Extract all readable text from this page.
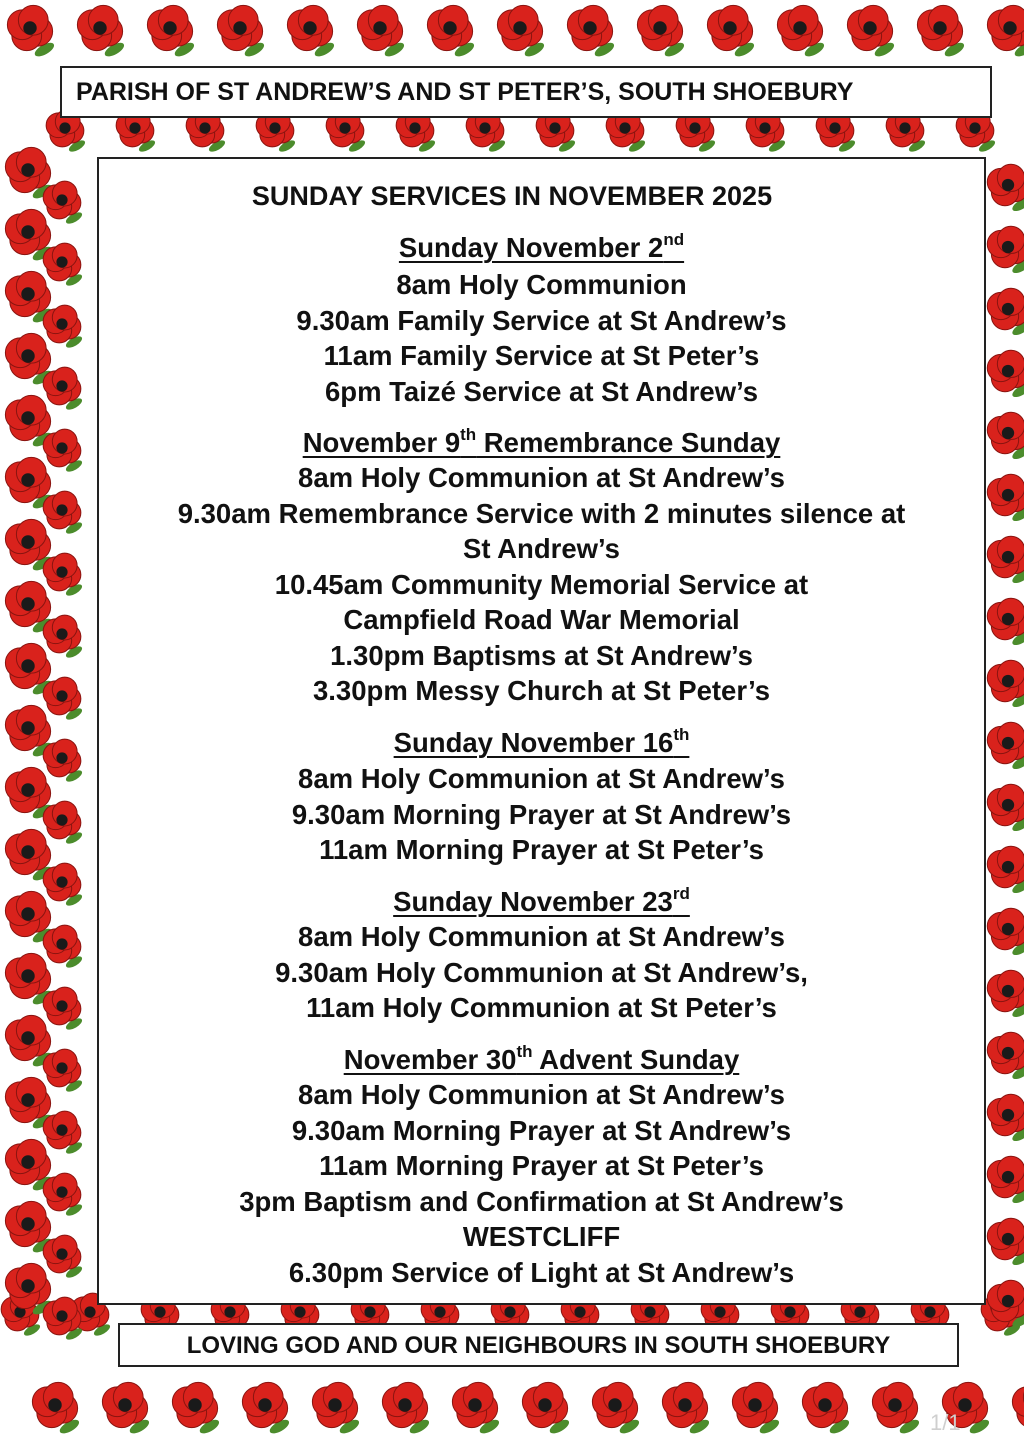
PARISH OF ST ANDREW’S AND ST PETER’S, SOUTH SHOEBURY
SUNDAY SERVICES IN NOVEMBER 2025
Sunday November 2nd
8am Holy Communion
9.30am Family Service at St Andrew’s
11am Family Service at St Peter’s
6pm Taizé Service at St Andrew’s
November 9th Remembrance Sunday
8am Holy Communion at St Andrew’s
9.30am Remembrance Service with 2 minutes silence at
St Andrew’s
10.45am Community Memorial Service at
Campfield Road War Memorial
1.30pm Baptisms at St Andrew’s
3.30pm Messy Church at St Peter’s
Sunday November 16th
8am Holy Communion at St Andrew’s
9.30am Morning Prayer at St Andrew’s
11am Morning Prayer at St Peter’s
Sunday November 23rd
8am Holy Communion at St Andrew’s
9.30am Holy Communion at St Andrew’s,
11am Holy Communion at St Peter’s
November 30th Advent Sunday
8am Holy Communion at St Andrew’s
9.30am Morning Prayer at St Andrew’s
11am Morning Prayer at St Peter’s
3pm Baptism and Confirmation at St Andrew’s
WESTCLIFF
6.30pm Service of Light at St Andrew’s
LOVING GOD AND OUR NEIGHBOURS IN SOUTH SHOEBURY
1/1
